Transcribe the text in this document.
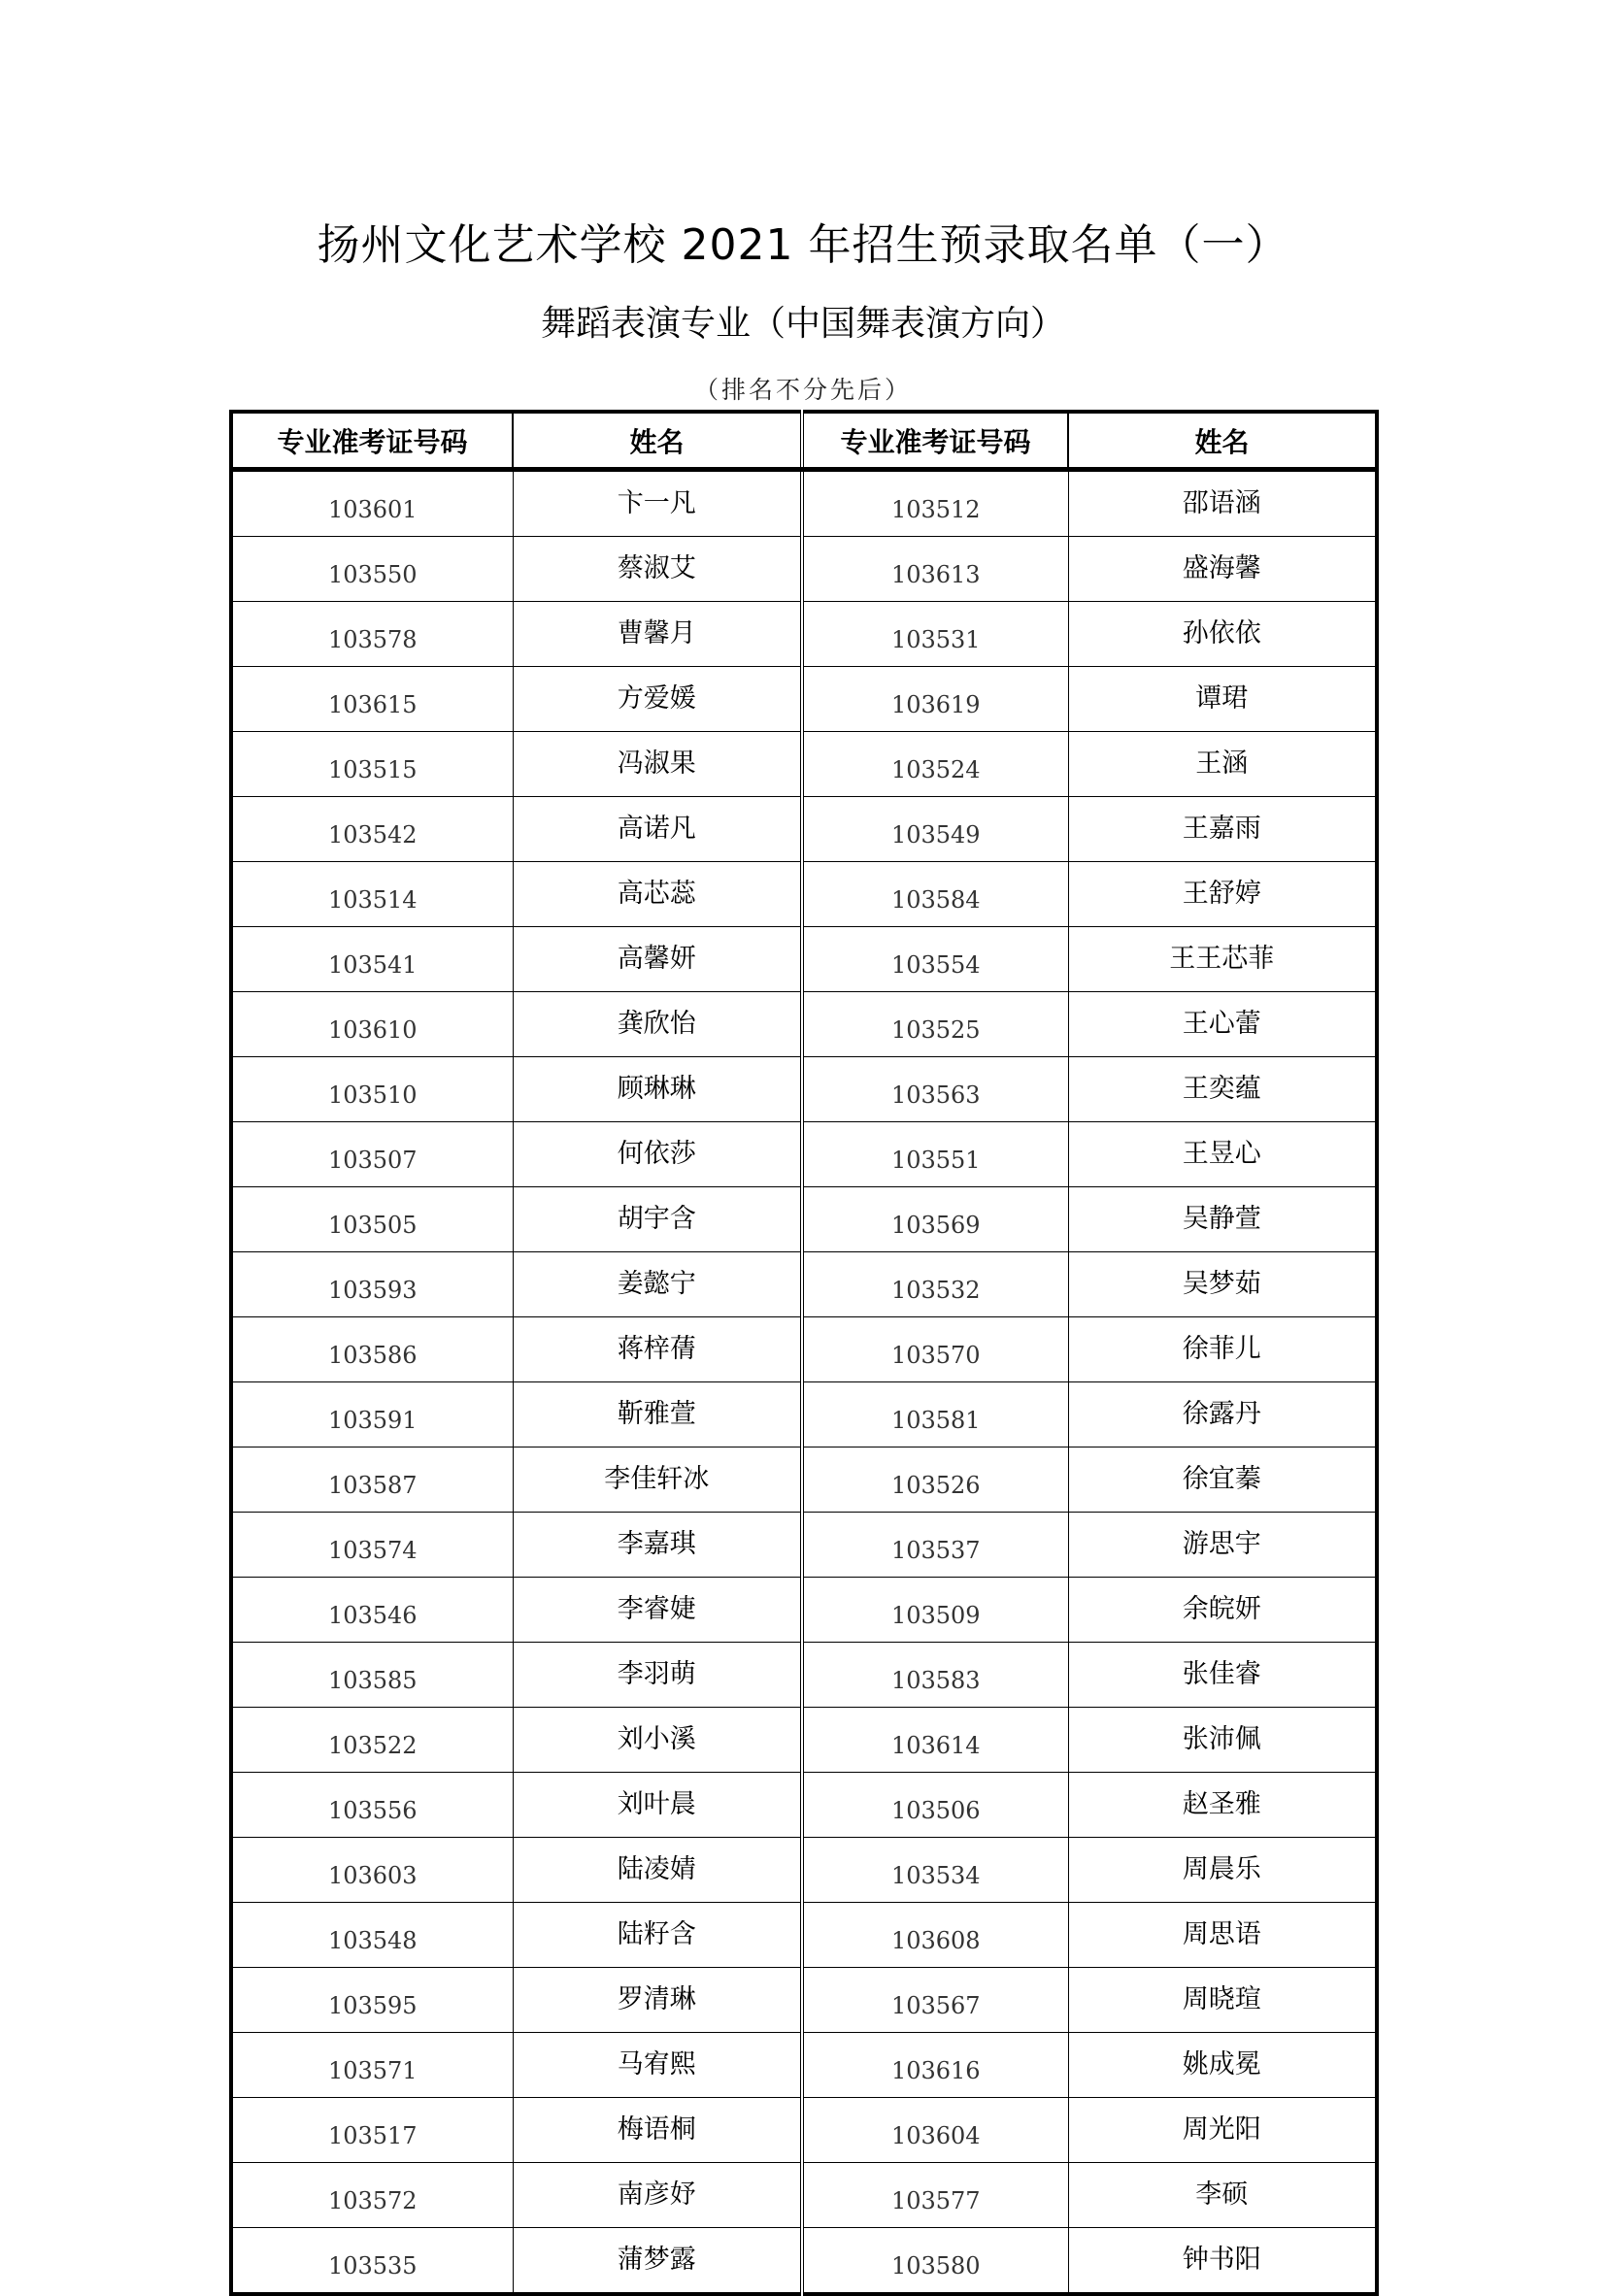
扬州文化艺术学校 2021 年招生预录取名单（一）
舞蹈表演专业（中国舞表演方向）
（排名不分先后）
专业准考证号码	姓名	专业准考证号码	姓名
103601	卞一凡	103512	邵语涵
103550	蔡淑艾	103613	盛海馨
103578	曹馨月	103531	孙依依
103615	方爱媛	103619	谭珺
103515	冯淑果	103524	王涵
103542	高诺凡	103549	王嘉雨
103514	高芯蕊	103584	王舒婷
103541	高馨妍	103554	王王芯菲
103610	龚欣怡	103525	王心蕾
103510	顾琳琳	103563	王奕蕴
103507	何依莎	103551	王昱心
103505	胡宇含	103569	吴静萱
103593	姜懿宁	103532	吴梦茹
103586	蒋梓蒨	103570	徐菲儿
103591	靳雅萱	103581	徐露丹
103587	李佳轩冰	103526	徐宜蓁
103574	李嘉琪	103537	游思宇
103546	李睿婕	103509	余皖妍
103585	李羽萌	103583	张佳睿
103522	刘小溪	103614	张沛佩
103556	刘叶晨	103506	赵圣雅
103603	陆凌婧	103534	周晨乐
103548	陆籽含	103608	周思语
103595	罗清琳	103567	周晓瑄
103571	马宥熙	103616	姚成冕
103517	梅语桐	103604	周光阳
103572	南彦妤	103577	李硕
103535	蒲梦露	103580	钟书阳
